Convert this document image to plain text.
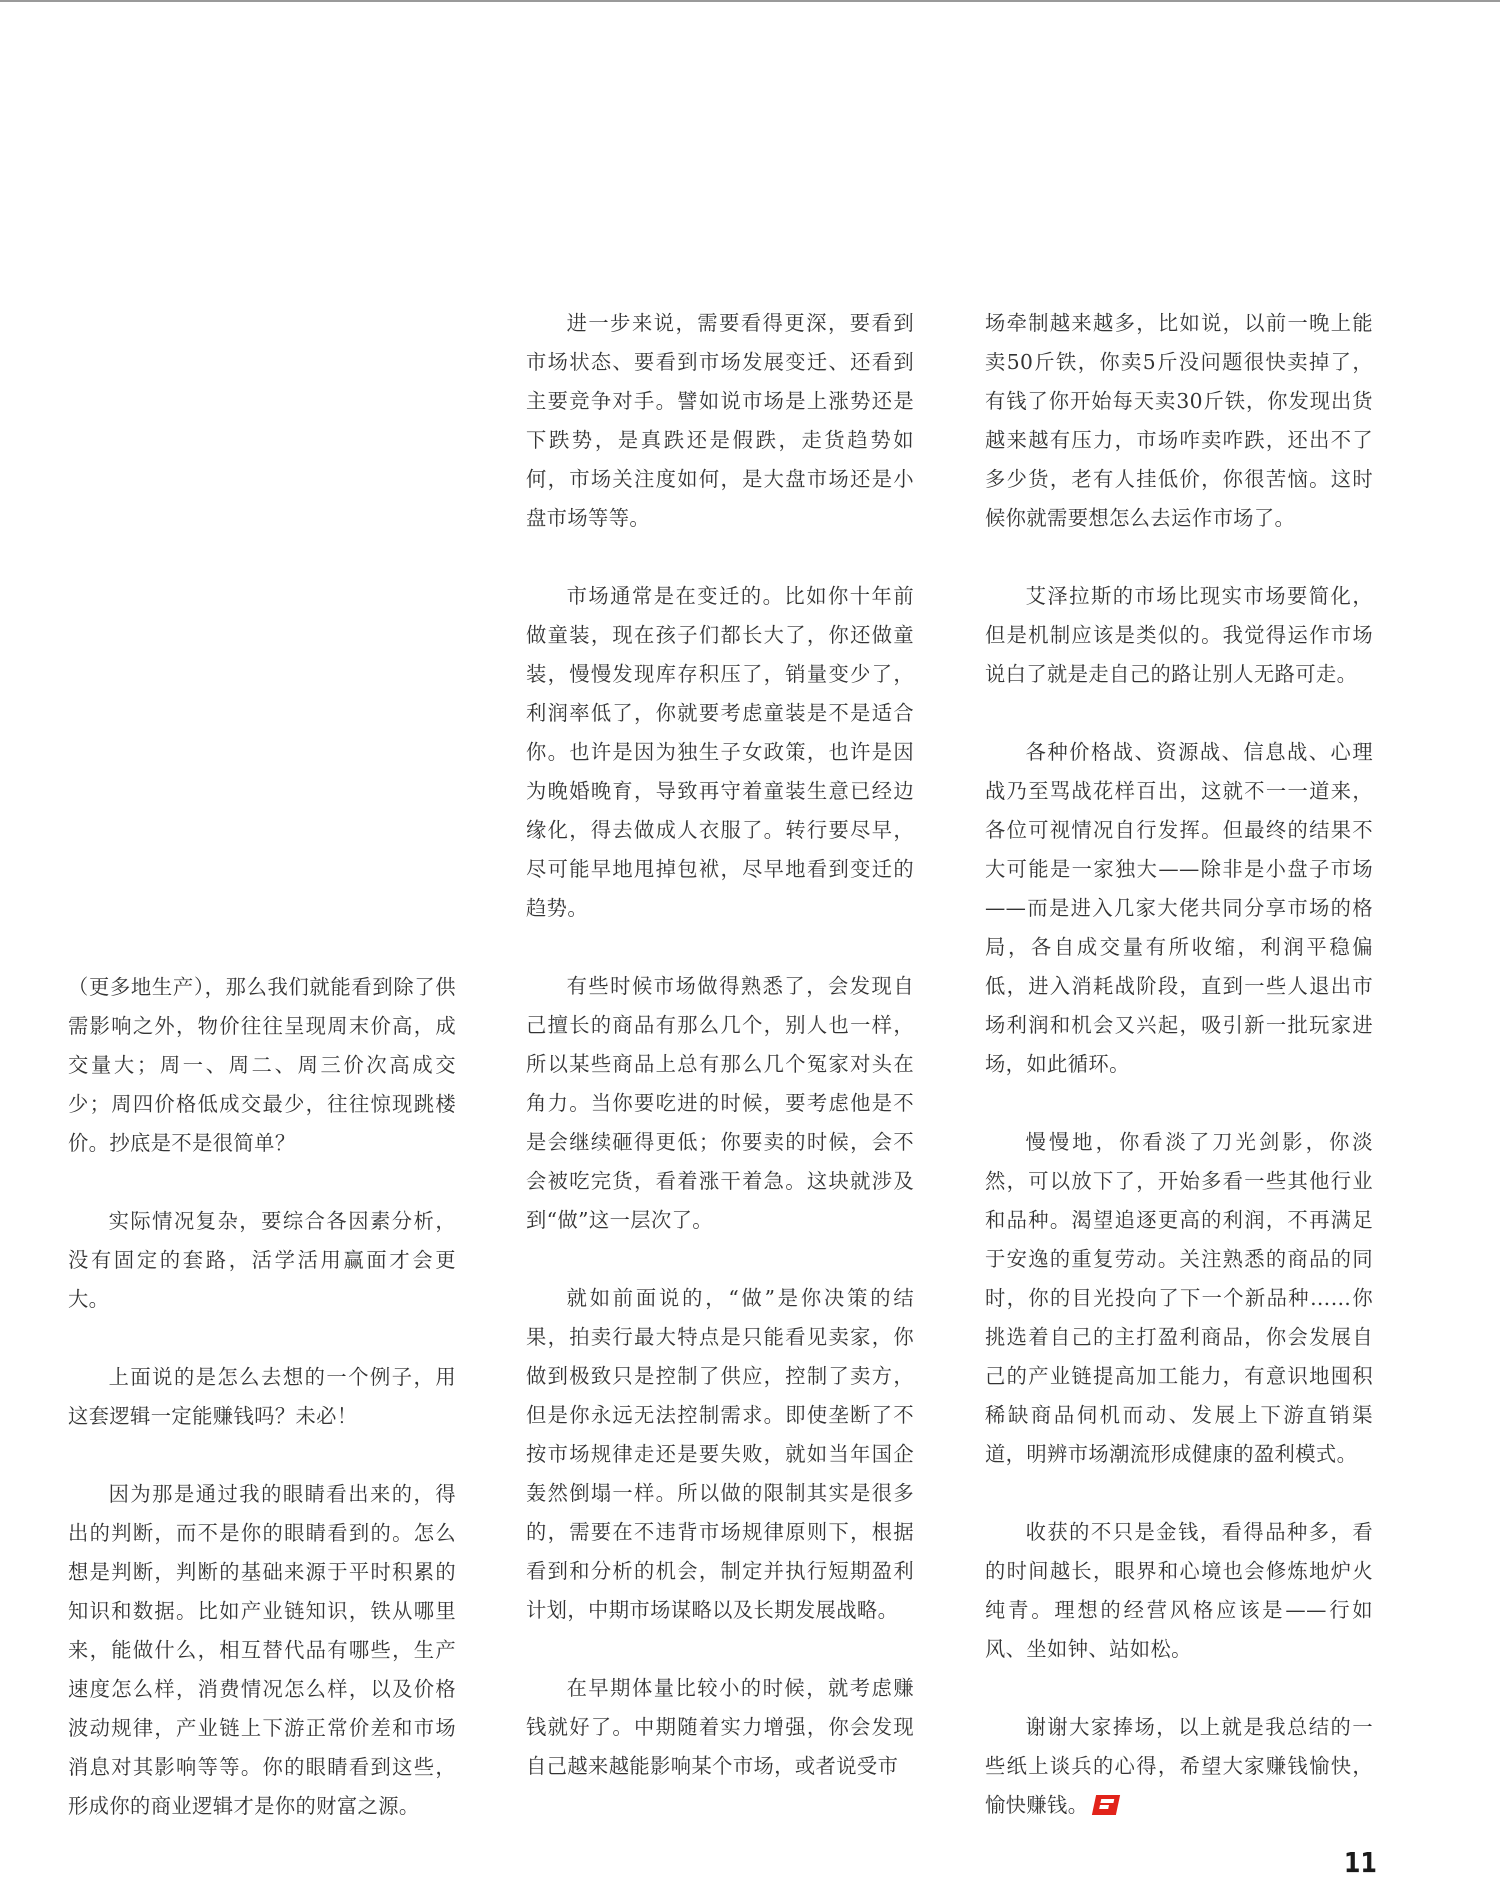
（更多地生产），那么我们就能看到除了供需影响之外，物价往往呈现周末价高，成交量大；周一、周二、周三价次高成交少；周四价格低成交最少，往往惊现跳楼价。抄底是不是很简单？

实际情况复杂，要综合各因素分析，没有固定的套路，活学活用赢面才会更大。

上面说的是怎么去想的一个例子，用这套逻辑一定能赚钱吗？未必！

因为那是通过我的眼睛看出来的，得出的判断，而不是你的眼睛看到的。怎么想是判断，判断的基础来源于平时积累的知识和数据。比如产业链知识，铁从哪里来，能做什么，相互替代品有哪些，生产速度怎么样，消费情况怎么样，以及价格波动规律，产业链上下游正常价差和市场消息对其影响等等。你的眼睛看到这些，形成你的商业逻辑才是你的财富之源。

进一步来说，需要看得更深，要看到市场状态、要看到市场发展变迁、还看到主要竞争对手。譬如说市场是上涨势还是下跌势，是真跌还是假跌，走货趋势如何，市场关注度如何，是大盘市场还是小盘市场等等。

市场通常是在变迁的。比如你十年前做童装，现在孩子们都长大了，你还做童装，慢慢发现库存积压了，销量变少了，利润率低了，你就要考虑童装是不是适合你。也许是因为独生子女政策，也许是因为晚婚晚育，导致再守着童装生意已经边缘化，得去做成人衣服了。转行要尽早，尽可能早地甩掉包袱，尽早地看到变迁的趋势。

有些时候市场做得熟悉了，会发现自己擅长的商品有那么几个，别人也一样，所以某些商品上总有那么几个冤家对头在角力。当你要吃进的时候，要考虑他是不是会继续砸得更低；你要卖的时候，会不会被吃完货，看着涨干着急。这块就涉及到“做”这一层次了。

就如前面说的，“做”是你决策的结果，拍卖行最大特点是只能看见卖家，你做到极致只是控制了供应，控制了卖方，但是你永远无法控制需求。即使垄断了不按市场规律走还是要失败，就如当年国企轰然倒塌一样。所以做的限制其实是很多的，需要在不违背市场规律原则下，根据看到和分析的机会，制定并执行短期盈利计划，中期市场谋略以及长期发展战略。

在早期体量比较小的时候，就考虑赚钱就好了。中期随着实力增强，你会发现自己越来越能影响某个市场，或者说受市

场牵制越来越多，比如说，以前一晚上能卖50斤铁，你卖5斤没问题很快卖掉了，有钱了你开始每天卖30斤铁，你发现出货越来越有压力，市场咋卖咋跌，还出不了多少货，老有人挂低价，你很苦恼。这时候你就需要想怎么去运作市场了。

艾泽拉斯的市场比现实市场要简化，但是机制应该是类似的。我觉得运作市场说白了就是走自己的路让别人无路可走。

各种价格战、资源战、信息战、心理战乃至骂战花样百出，这就不一一道来，各位可视情况自行发挥。但最终的结果不大可能是一家独大——除非是小盘子市场——而是进入几家大佬共同分享市场的格局，各自成交量有所收缩，利润平稳偏低，进入消耗战阶段，直到一些人退出市场利润和机会又兴起，吸引新一批玩家进场，如此循环。

慢慢地，你看淡了刀光剑影，你淡然，可以放下了，开始多看一些其他行业和品种。渴望追逐更高的利润，不再满足于安逸的重复劳动。关注熟悉的商品的同时，你的目光投向了下一个新品种……你挑选着自己的主打盈利商品，你会发展自己的产业链提高加工能力，有意识地囤积稀缺商品伺机而动、发展上下游直销渠道，明辨市场潮流形成健康的盈利模式。

收获的不只是金钱，看得品种多，看的时间越长，眼界和心境也会修炼地炉火纯青。理想的经营风格应该是——行如风、坐如钟、站如松。

谢谢大家捧场，以上就是我总结的一些纸上谈兵的心得，希望大家赚钱愉快，愉快赚钱。

11
